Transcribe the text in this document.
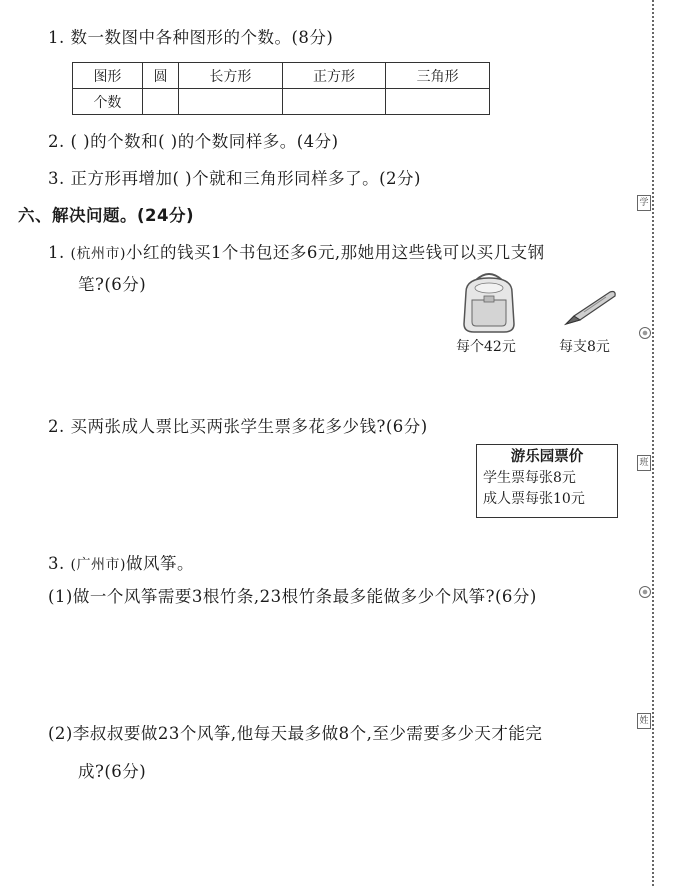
1. 数一数图中各种图形的个数。(8分)
图形	圆	长方形	正方形	三角形
个数				
2. ( )的个数和( )的个数同样多。(4分)
3. 正方形再增加( )个就和三角形同样多了。(2分)
六、解决问题。(24分)
1. (杭州市)小红的钱买1个书包还多6元,那她用这些钱可以买几支钢
笔?(6分)
每个42元	每支8元
2. 买两张成人票比买两张学生票多花多少钱?(6分)
游乐园票价
学生票每张8元
成人票每张10元
3. (广州市)做风筝。
(1)做一个风筝需要3根竹条,23根竹条最多能做多少个风筝?(6分)
(2)李叔叔要做23个风筝,他每天最多做8个,至少需要多少天才能完
成?(6分)
学
班
姓
